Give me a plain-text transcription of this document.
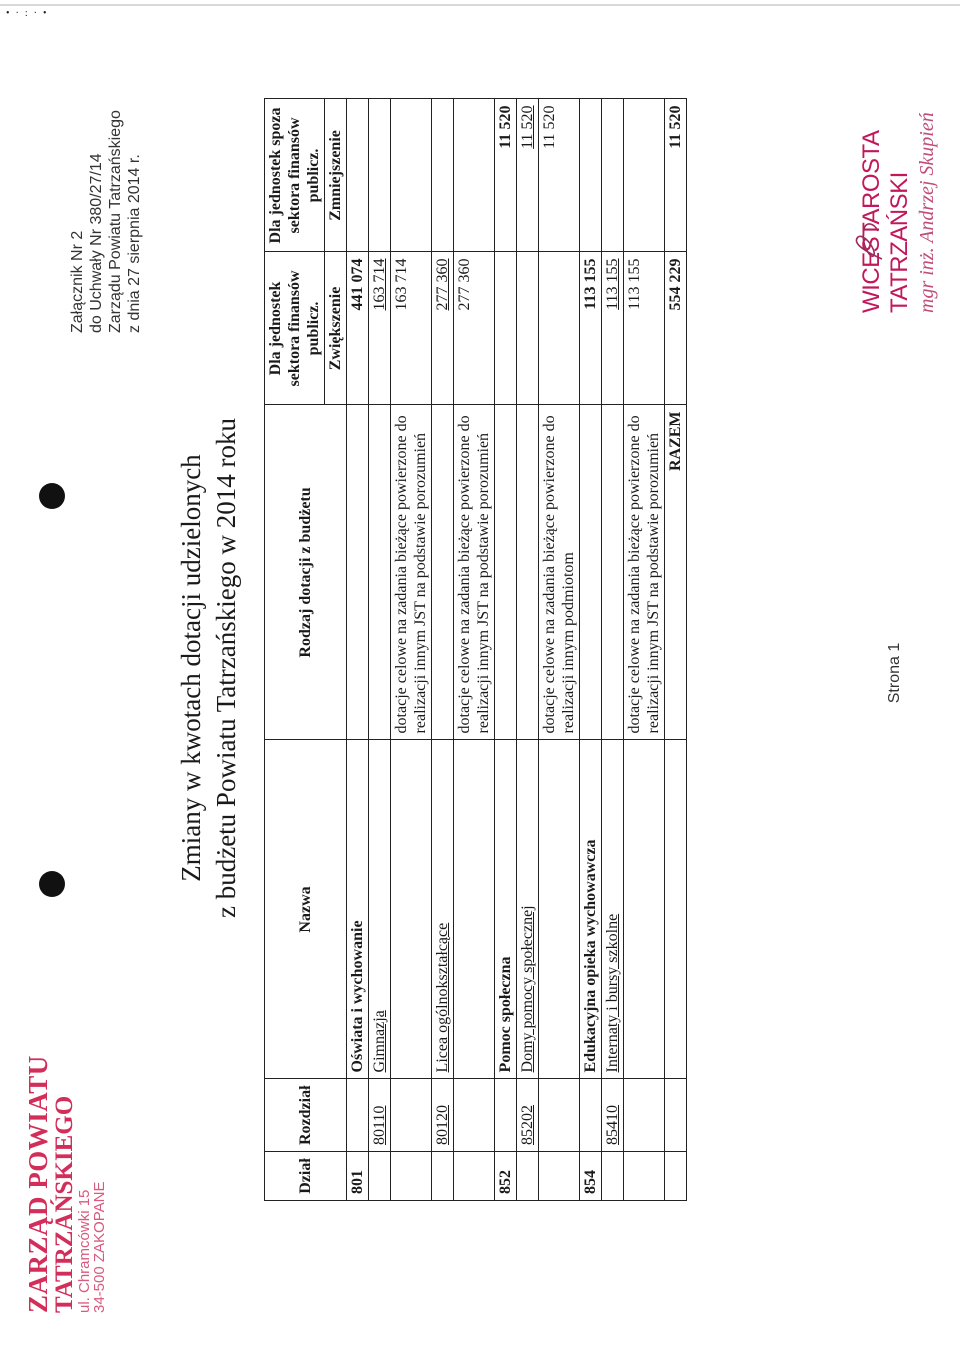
•·:·•
ZARZĄD POWIATU
TATRZAŃSKIEGO
ul. Chramcówki 15
34-500 ZAKOPANE
Załącznik Nr 2 do Uchwały Nr 380/27/14 Zarządu Powiatu Tatrzańskiego z dnia 27 sierpnia 2014 r.
Zmiany w kwotach dotacji udzielonych z budżetu Powiatu Tatrzańskiego w 2014 roku
Dział	Rozdział	Nazwa	Rodzaj dotacji z budżetu	Dla jednostek sektora finansów publicz.	Dla jednostek spoza sektora finansów publicz.
				Zwiększenie	Zmniejszenie
801		Oświata i wychowanie		441 074	
	80110	Gimnazja		163 714	
			dotacje celowe na zadania bieżące powierzone do realizacji innym JST na podstawie porozumień	163 714	
	80120	Licea ogólnokształcące		277 360	
			dotacje celowe na zadania bieżące powierzone do realizacji innym JST na podstawie porozumień	277 360	
852		Pomoc społeczna			11 520
	85202	Domy pomocy społecznej			11 520
			dotacje celowe na zadania bieżące powierzone do realizacji innym podmiotom		11 520
854		Edukacyjna opieka wychowawcza		113 155	
	85410	Internaty i bursy szkolne		113 155	
			dotacje celowe na zadania bieżące powierzone do realizacji innym JST na podstawie porozumień	113 155	
			RAZEM	554 229	11 520
Strona 1
WICESTAROSTA TATRZAŃSKI mgr inż. Andrzej Skupień
